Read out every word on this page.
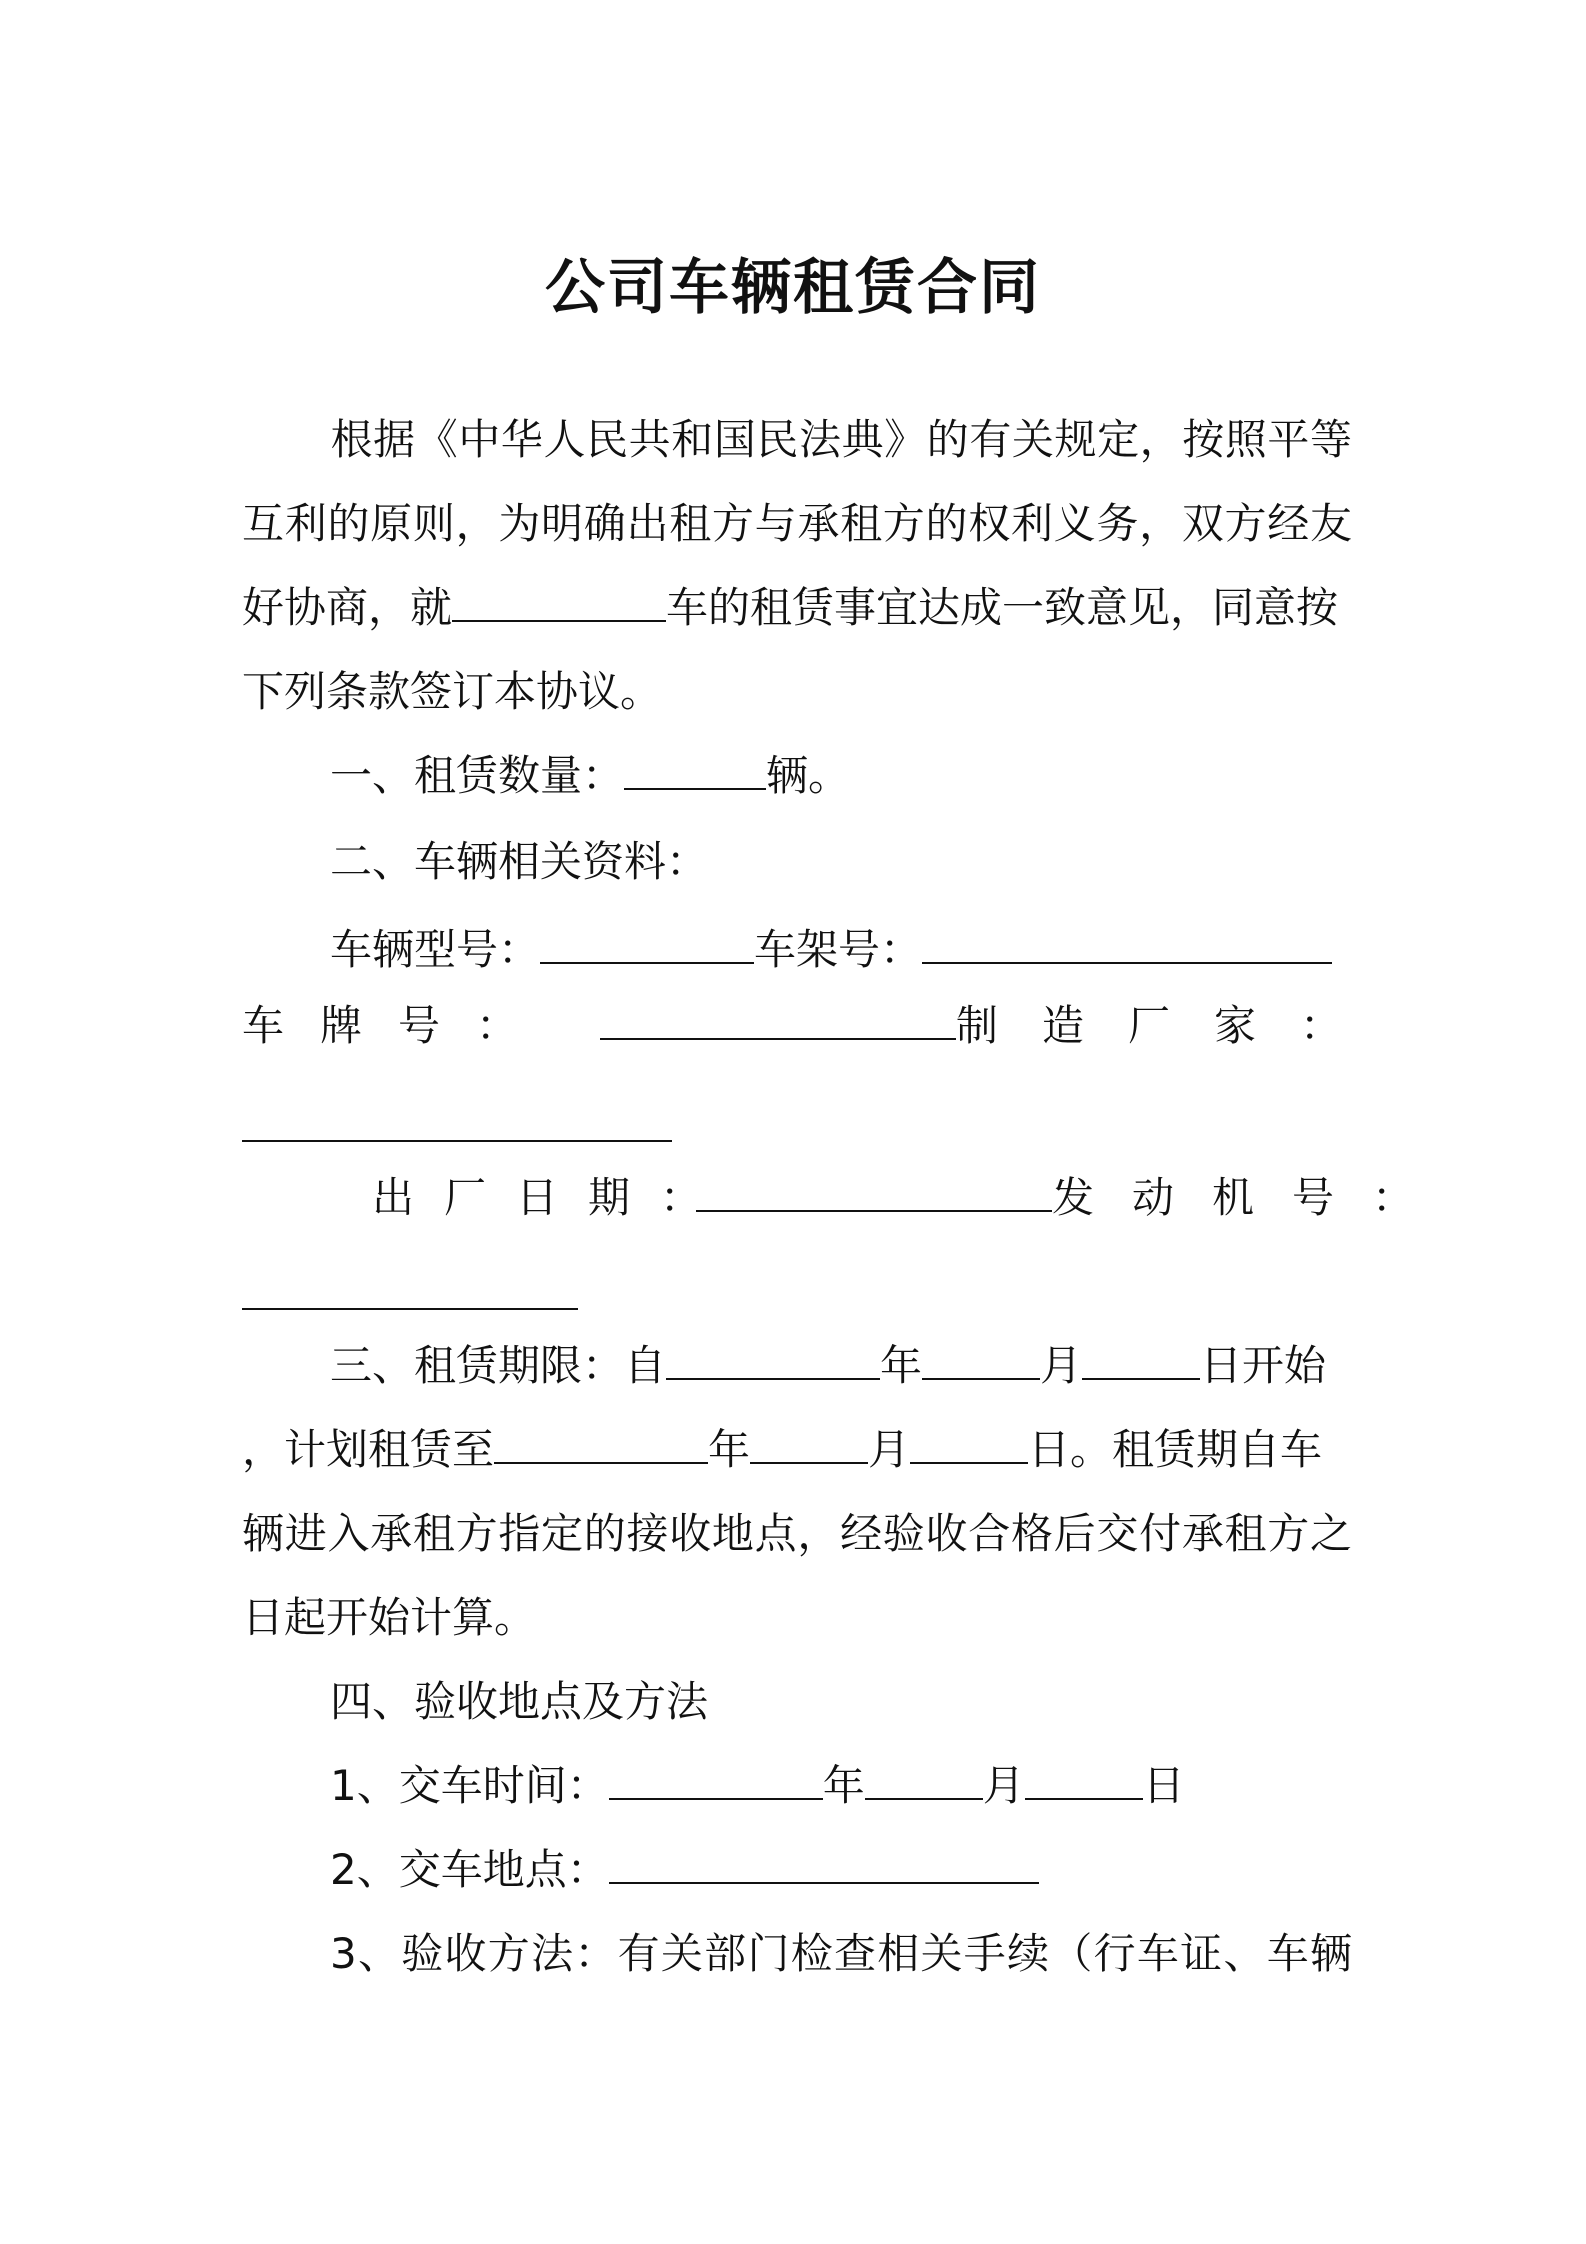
公司车辆租赁合同
根据《中华人民共和国民法典》的有关规定，按照平等
互利的原则，为明确出租方与承租方的权利义务，双方经友
好协商，就	车的租赁事宜达成一致意见，同意按
下列条款签订本协议。
一、租赁数量：	辆。
二、车辆相关资料：
车辆型号：	车架号：
车牌号：	制造厂家：
出厂日期：	发动机号：
三、租赁期限：自	年	月	日开始
，计划租赁至	年	月	日。租赁期自车
辆进入承租方指定的接收地点，经验收合格后交付承租方之
日起开始计算。
四、验收地点及方法
1、交车时间：	年	月	日
2、交车地点：
3、验收方法：有关部门检查相关手续（行车证、车辆
